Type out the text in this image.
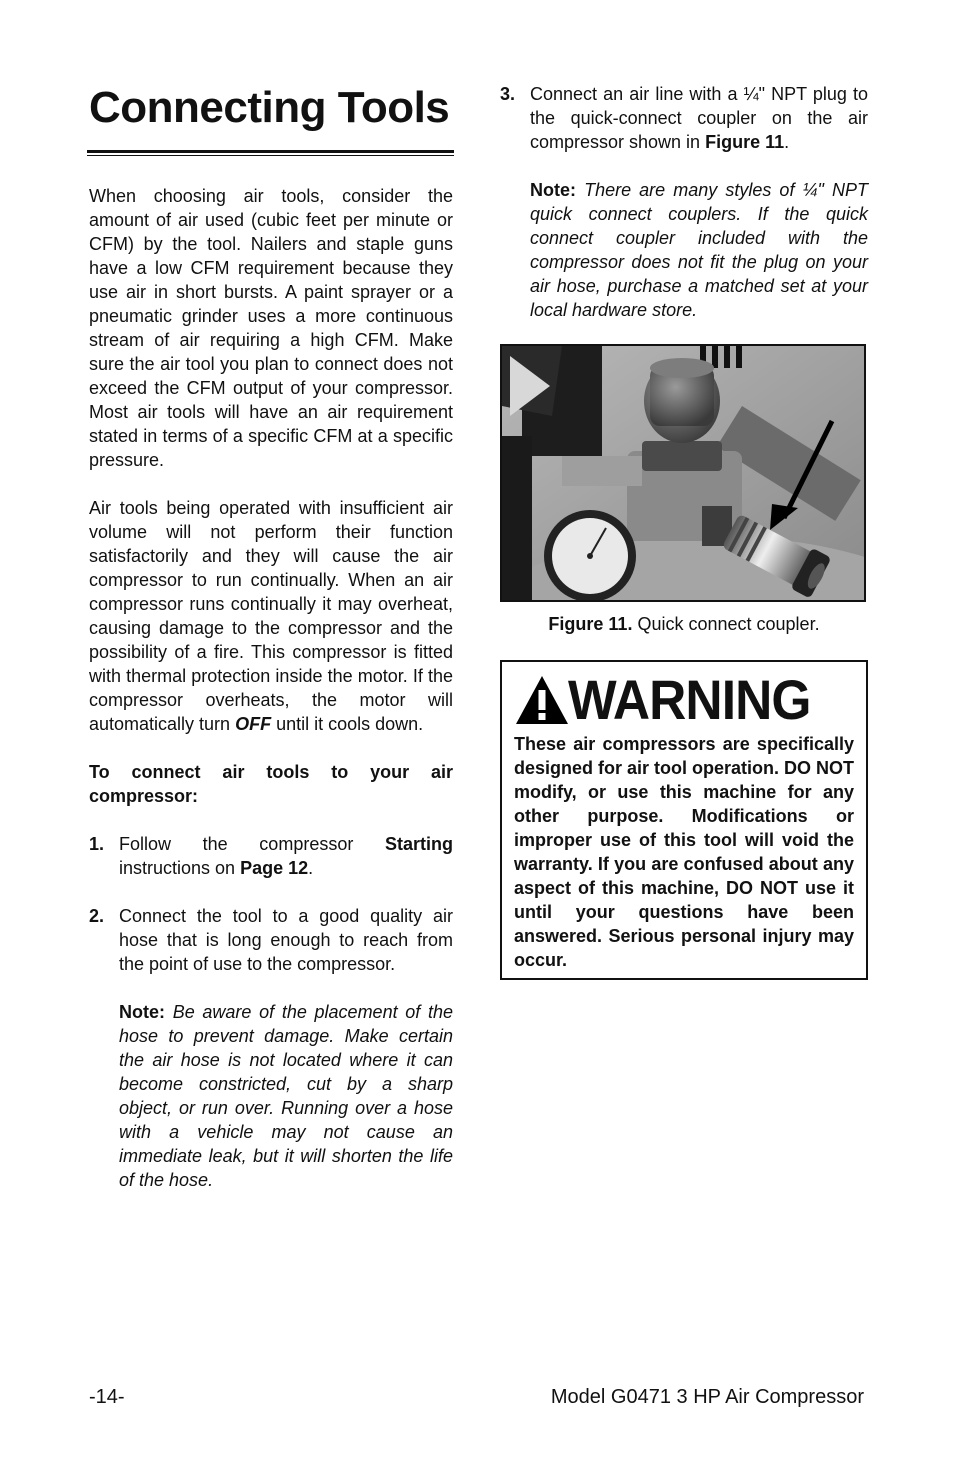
Connecting Tools

When choosing air tools, consider the amount of air used (cubic feet per minute or CFM) by the tool. Nailers and staple guns have a low CFM requirement because they use air in short bursts. A paint sprayer or a pneumatic grinder uses a more continuous stream of air requiring a high CFM. Make sure the air tool you plan to connect does not exceed the CFM output of your compressor. Most air tools will have an air requirement stated in terms of a specific CFM at a specific pressure.

Air tools being operated with insufficient air volume will not perform their function satisfactorily and they will cause the air compressor to run continually. When an air compressor runs continually it may overheat, causing damage to the compressor and the possibility of a fire. This compressor is fitted with thermal protection inside the motor. If the compressor overheats, the motor will automatically turn OFF until it cools down.

To connect air tools to your air compressor:

1. Follow the compressor Starting instructions on Page 12.

2. Connect the tool to a good quality air hose that is long enough to reach from the point of use to the compressor.

Note: Be aware of the placement of the hose to prevent damage. Make certain the air hose is not located where it can become constricted, cut by a sharp object, or run over. Running over a hose with a vehicle may not cause an immediate leak, but it will shorten the life of the hose.

3. Connect an air line with a ¼" NPT plug to the quick-connect coupler on the air compressor shown in Figure 11.

Note: There are many styles of ¼" NPT quick connect couplers. If the quick connect coupler included with the compressor does not fit the plug on your air hose, purchase a matched set at your local hardware store.

Figure 11. Quick connect coupler.
WARNING

These air compressors are specifically designed for air tool operation. DO NOT modify, or use this machine for any other purpose. Modifications or improper use of this tool will void the warranty. If you are confused about any aspect of this machine, DO NOT use it until your questions have been answered. Serious personal injury may occur.

-14-	Model G0471 3 HP Air Compressor
